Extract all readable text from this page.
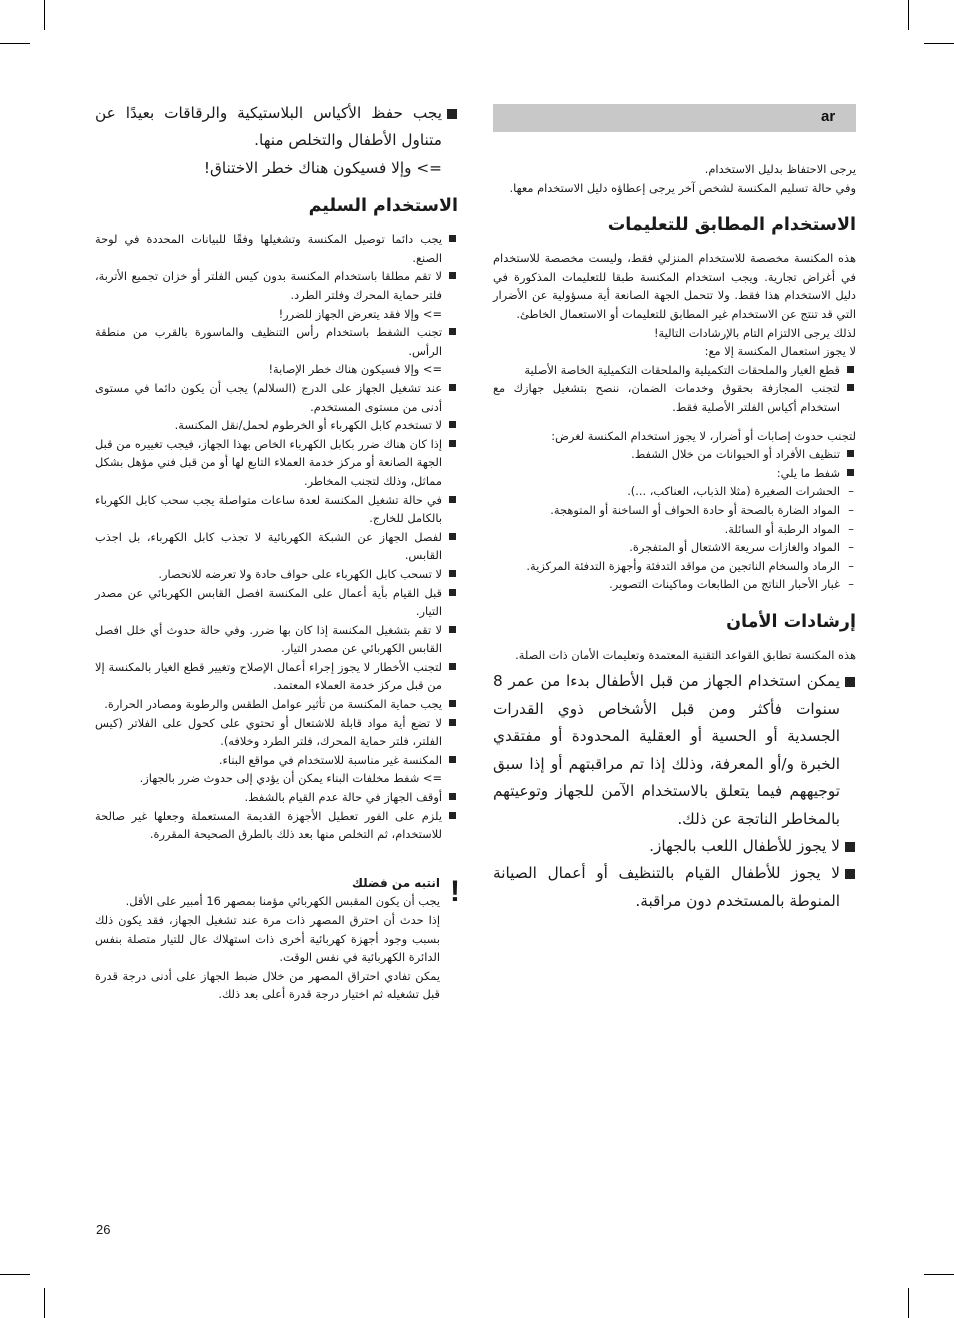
ar

يرجى الاحتفاظ بدليل الاستخدام.

وفي حالة تسليم المكنسة لشخص آخر يرجى إعطاؤه دليل الاستخدام معها.

الاستخدام المطابق للتعليمات

هذه المكنسة مخصصة للاستخدام المنزلي فقط، وليست مخصصة للاستخدام في أغراض تجارية. ويجب استخدام المكنسة طبقا للتعليمات المذكورة في دليل الاستخدام هذا فقط. ولا تتحمل الجهة الصانعة أية مسؤولية عن الأضرار التي قد تنتج عن الاستخدام غير المطابق للتعليمات أو الاستعمال الخاطئ.

لذلك يرجى الالتزام التام بالإرشادات التالية!

لا يجوز استعمال المكنسة إلا مع:

قطع الغيار والملحقات التكميلية والملحقات التكميلية الخاصة الأصلية
لتجنب المجازفة بحقوق وخدمات الضمان، ننصح بتشغيل جهازك مع استخدام أكياس الفلتر الأصلية فقط.

لتجنب حدوث إصابات أو أضرار، لا يجوز استخدام المكنسة لغرض:

تنظيف الأفراد أو الحيوانات من خلال الشفط.
شفط ما يلي:
– الحشرات الصغيرة (مثلا الذباب، العناكب، ...).
– المواد الضارة بالصحة أو حادة الحواف أو الساخنة أو المتوهجة.
– المواد الرطبة أو السائلة.
– المواد والغازات سريعة الاشتعال أو المتفجرة.
– الرماد والسخام الناتجين من مواقد التدفئة وأجهزة التدفئة المركزية.
– غبار الأحبار الناتج من الطابعات وماكينات التصوير.
إرشادات الأمان

هذه المكنسة تطابق القواعد التقنية المعتمدة وتعليمات الأمان ذات الصلة.

يمكن استخدام الجهاز من قبل الأطفال بدءا من عمر 8 سنوات فأكثر ومن قبل الأشخاص ذوي القدرات الجسدية أو الحسية أو العقلية المحدودة أو مفتقدي الخبرة و/أو المعرفة، وذلك إذا تم مراقبتهم أو إذا سبق توجيههم فيما يتعلق بالاستخدام الآمن للجهاز وتوعيتهم بالمخاطر الناتجة عن ذلك.
لا يجوز للأطفال اللعب بالجهاز.
لا يجوز للأطفال القيام بالتنظيف أو أعمال الصيانة المنوطة بالمستخدم دون مراقبة.
يجب حفظ الأكياس البلاستيكية والرقاقات بعيدًا عن متناول الأطفال والتخلص منها.
=> وإلا فسيكون هناك خطر الاختناق!
الاستخدام السليم
يجب دائما توصيل المكنسة وتشغيلها وفقًا للبيانات المحددة في لوحة الصنع.
لا تقم مطلقا باستخدام المكنسة بدون كيس الفلتر أو خزان تجميع الأتربة، فلتر حماية المحرك وفلتر الطرد.
=> وإلا فقد يتعرض الجهاز للضرر!
تجنب الشفط باستخدام رأس التنظيف والماسورة بالقرب من منطقة الرأس.
=> وإلا فسيكون هناك خطر الإصابة!
عند تشغيل الجهاز على الدرج (السلالم) يجب أن يكون دائما في مستوى أدنى من مستوى المستخدم.
لا تستخدم كابل الكهرباء أو الخرطوم لحمل/نقل المكنسة.
إذا كان هناك ضرر بكابل الكهرباء الخاص بهذا الجهاز، فيجب تغييره من قبل الجهة الصانعة أو مركز خدمة العملاء التابع لها أو من قبل فني مؤهل بشكل مماثل، وذلك لتجنب المخاطر.
في حالة تشغيل المكنسة لعدة ساعات متواصلة يجب سحب كابل الكهرباء بالكامل للخارج.
لفصل الجهاز عن الشبكة الكهربائية لا تجذب كابل الكهرباء، بل اجذب القابس.
لا تسحب كابل الكهرباء على حواف حادة ولا تعرضه للانحصار.
قبل القيام بأية أعمال على المكنسة افصل القابس الكهربائي عن مصدر التيار.
لا تقم بتشغيل المكنسة إذا كان بها ضرر. وفي حالة حدوث أي خلل افصل القابس الكهربائي عن مصدر التيار.
لتجنب الأخطار لا يجوز إجراء أعمال الإصلاح وتغيير قطع الغيار بالمكنسة إلا من قبل مركز خدمة العملاء المعتمد.
يجب حماية المكنسة من تأثير عوامل الطقس والرطوبة ومصادر الحرارة.
لا تضع أية مواد قابلة للاشتعال أو تحتوي على كحول على الفلاتر (كيس الفلتر، فلتر حماية المحرك، فلتر الطرد وخلافه).
المكنسة غير مناسبة للاستخدام في مواقع البناء.
=> شفط مخلفات البناء يمكن أن يؤدي إلى حدوث ضرر بالجهاز.
أوقف الجهاز في حالة عدم القيام بالشفط.
يلزم على الفور تعطيل الأجهزة القديمة المستعملة وجعلها غير صالحة للاستخدام، ثم التخلص منها بعد ذلك بالطرق الصحيحة المقررة.
!

انتبه من فضلك

يجب أن يكون المقبس الكهربائي مؤمنا بمصهر 16 أمبير على الأقل.

إذا حدث أن احترق المصهر ذات مرة عند تشغيل الجهاز، فقد يكون ذلك بسبب وجود أجهزة كهربائية أخرى ذات استهلاك عال للتيار متصلة بنفس الدائرة الكهربائية في نفس الوقت.

يمكن تفادي احتراق المصهر من خلال ضبط الجهاز على أدنى درجة قدرة قبل تشغيله ثم اختيار درجة قدرة أعلى بعد ذلك.

26
